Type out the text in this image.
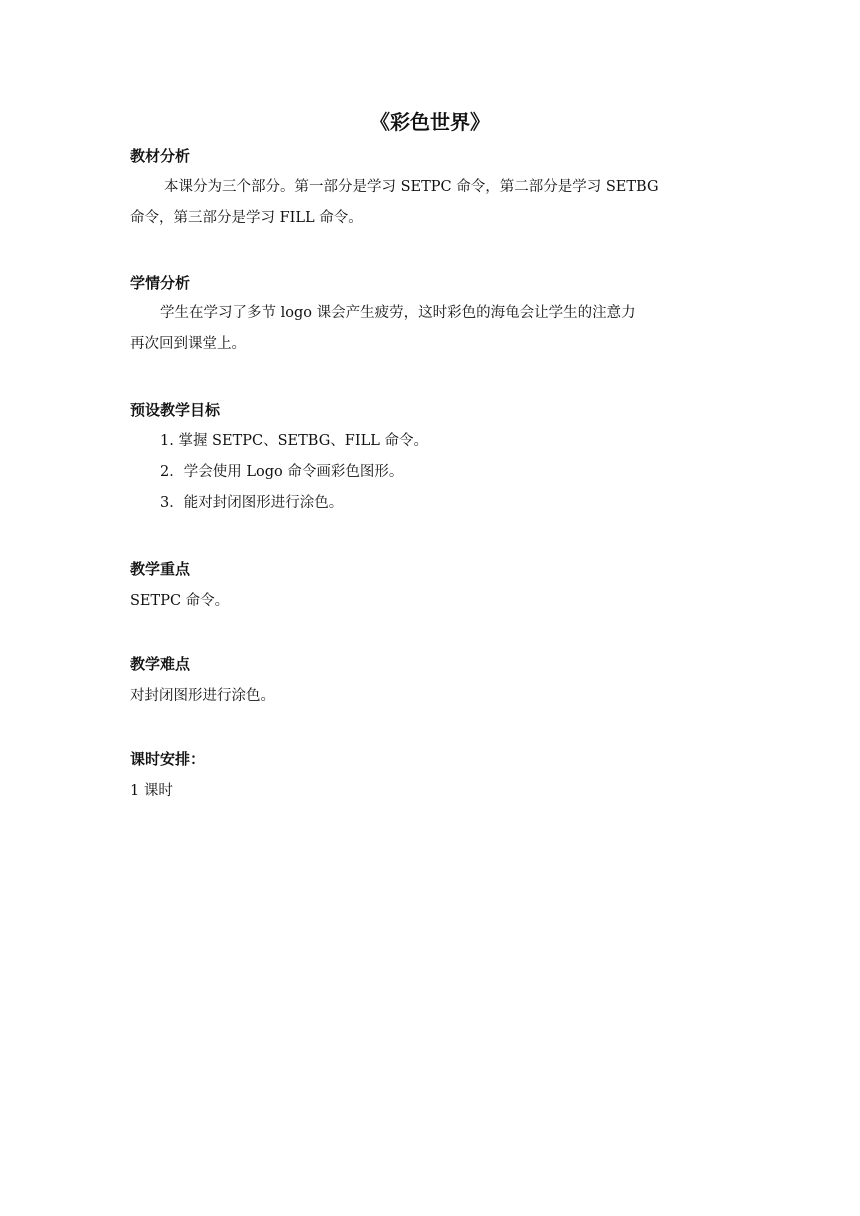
《彩色世界》
教材分析
本课分为三个部分。第一部分是学习 SETPC 命令，第二部分是学习 SETBG
命令，第三部分是学习 FILL 命令。
学情分析
学生在学习了多节 logo 课会产生疲劳，这时彩色的海龟会让学生的注意力
再次回到课堂上。
预设教学目标
1. 掌握 SETPC、SETBG、FILL 命令。
2．学会使用 Logo 命令画彩色图形。
3．能对封闭图形进行涂色。
教学重点
SETPC 命令。
教学难点
对封闭图形进行涂色。
课时安排：
1 课时
